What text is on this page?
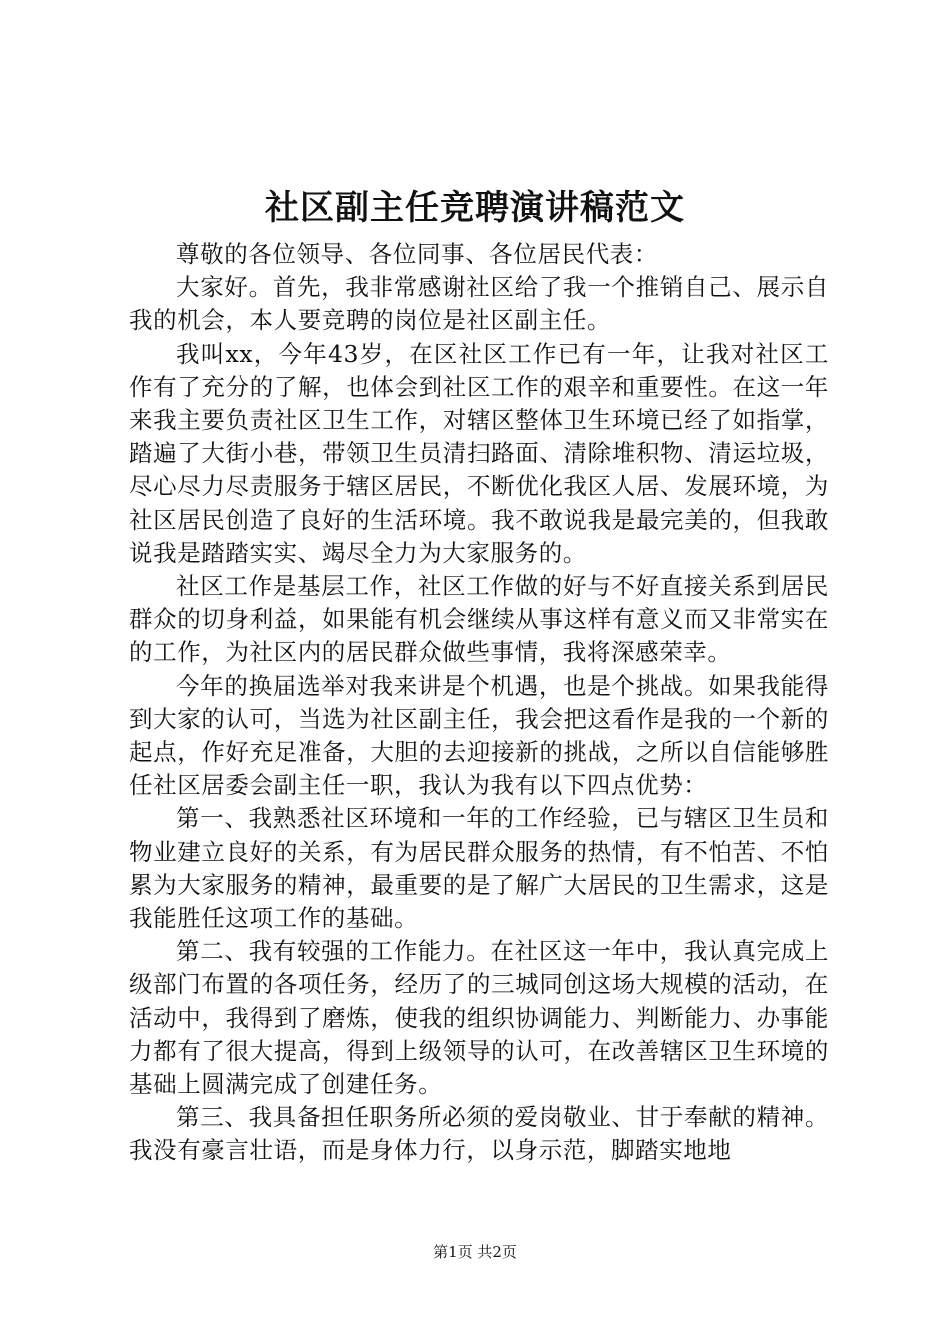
社区副主任竞聘演讲稿范文

尊敬的各位领导、各位同事、各位居民代表：

大家好。首先，我非常感谢社区给了我一个推销自己、展示自我的机会，本人要竞聘的岗位是社区副主任。

我叫xx，今年43岁，在区社区工作已有一年，让我对社区工作有了充分的了解，也体会到社区工作的艰辛和重要性。在这一年来我主要负责社区卫生工作，对辖区整体卫生环境已经了如指掌，踏遍了大街小巷，带领卫生员清扫路面、清除堆积物、清运垃圾，尽心尽力尽责服务于辖区居民，不断优化我区人居、发展环境，为社区居民创造了良好的生活环境。我不敢说我是最完美的，但我敢说我是踏踏实实、竭尽全力为大家服务的。

社区工作是基层工作，社区工作做的好与不好直接关系到居民群众的切身利益，如果能有机会继续从事这样有意义而又非常实在的工作，为社区内的居民群众做些事情，我将深感荣幸。

今年的换届选举对我来讲是个机遇，也是个挑战。如果我能得到大家的认可，当选为社区副主任，我会把这看作是我的一个新的起点，作好充足准备，大胆的去迎接新的挑战，之所以自信能够胜任社区居委会副主任一职，我认为我有以下四点优势：

第一、我熟悉社区环境和一年的工作经验，已与辖区卫生员和物业建立良好的关系，有为居民群众服务的热情，有不怕苦、不怕累为大家服务的精神，最重要的是了解广大居民的卫生需求，这是我能胜任这项工作的基础。

第二、我有较强的工作能力。在社区这一年中，我认真完成上级部门布置的各项任务，经历了的三城同创这场大规模的活动，在活动中，我得到了磨炼，使我的组织协调能力、判断能力、办事能力都有了很大提高，得到上级领导的认可，在改善辖区卫生环境的基础上圆满完成了创建任务。

第三、我具备担任职务所必须的爱岗敬业、甘于奉献的精神。我没有豪言壮语，而是身体力行，以身示范，脚踏实地地

第1页 共2页
